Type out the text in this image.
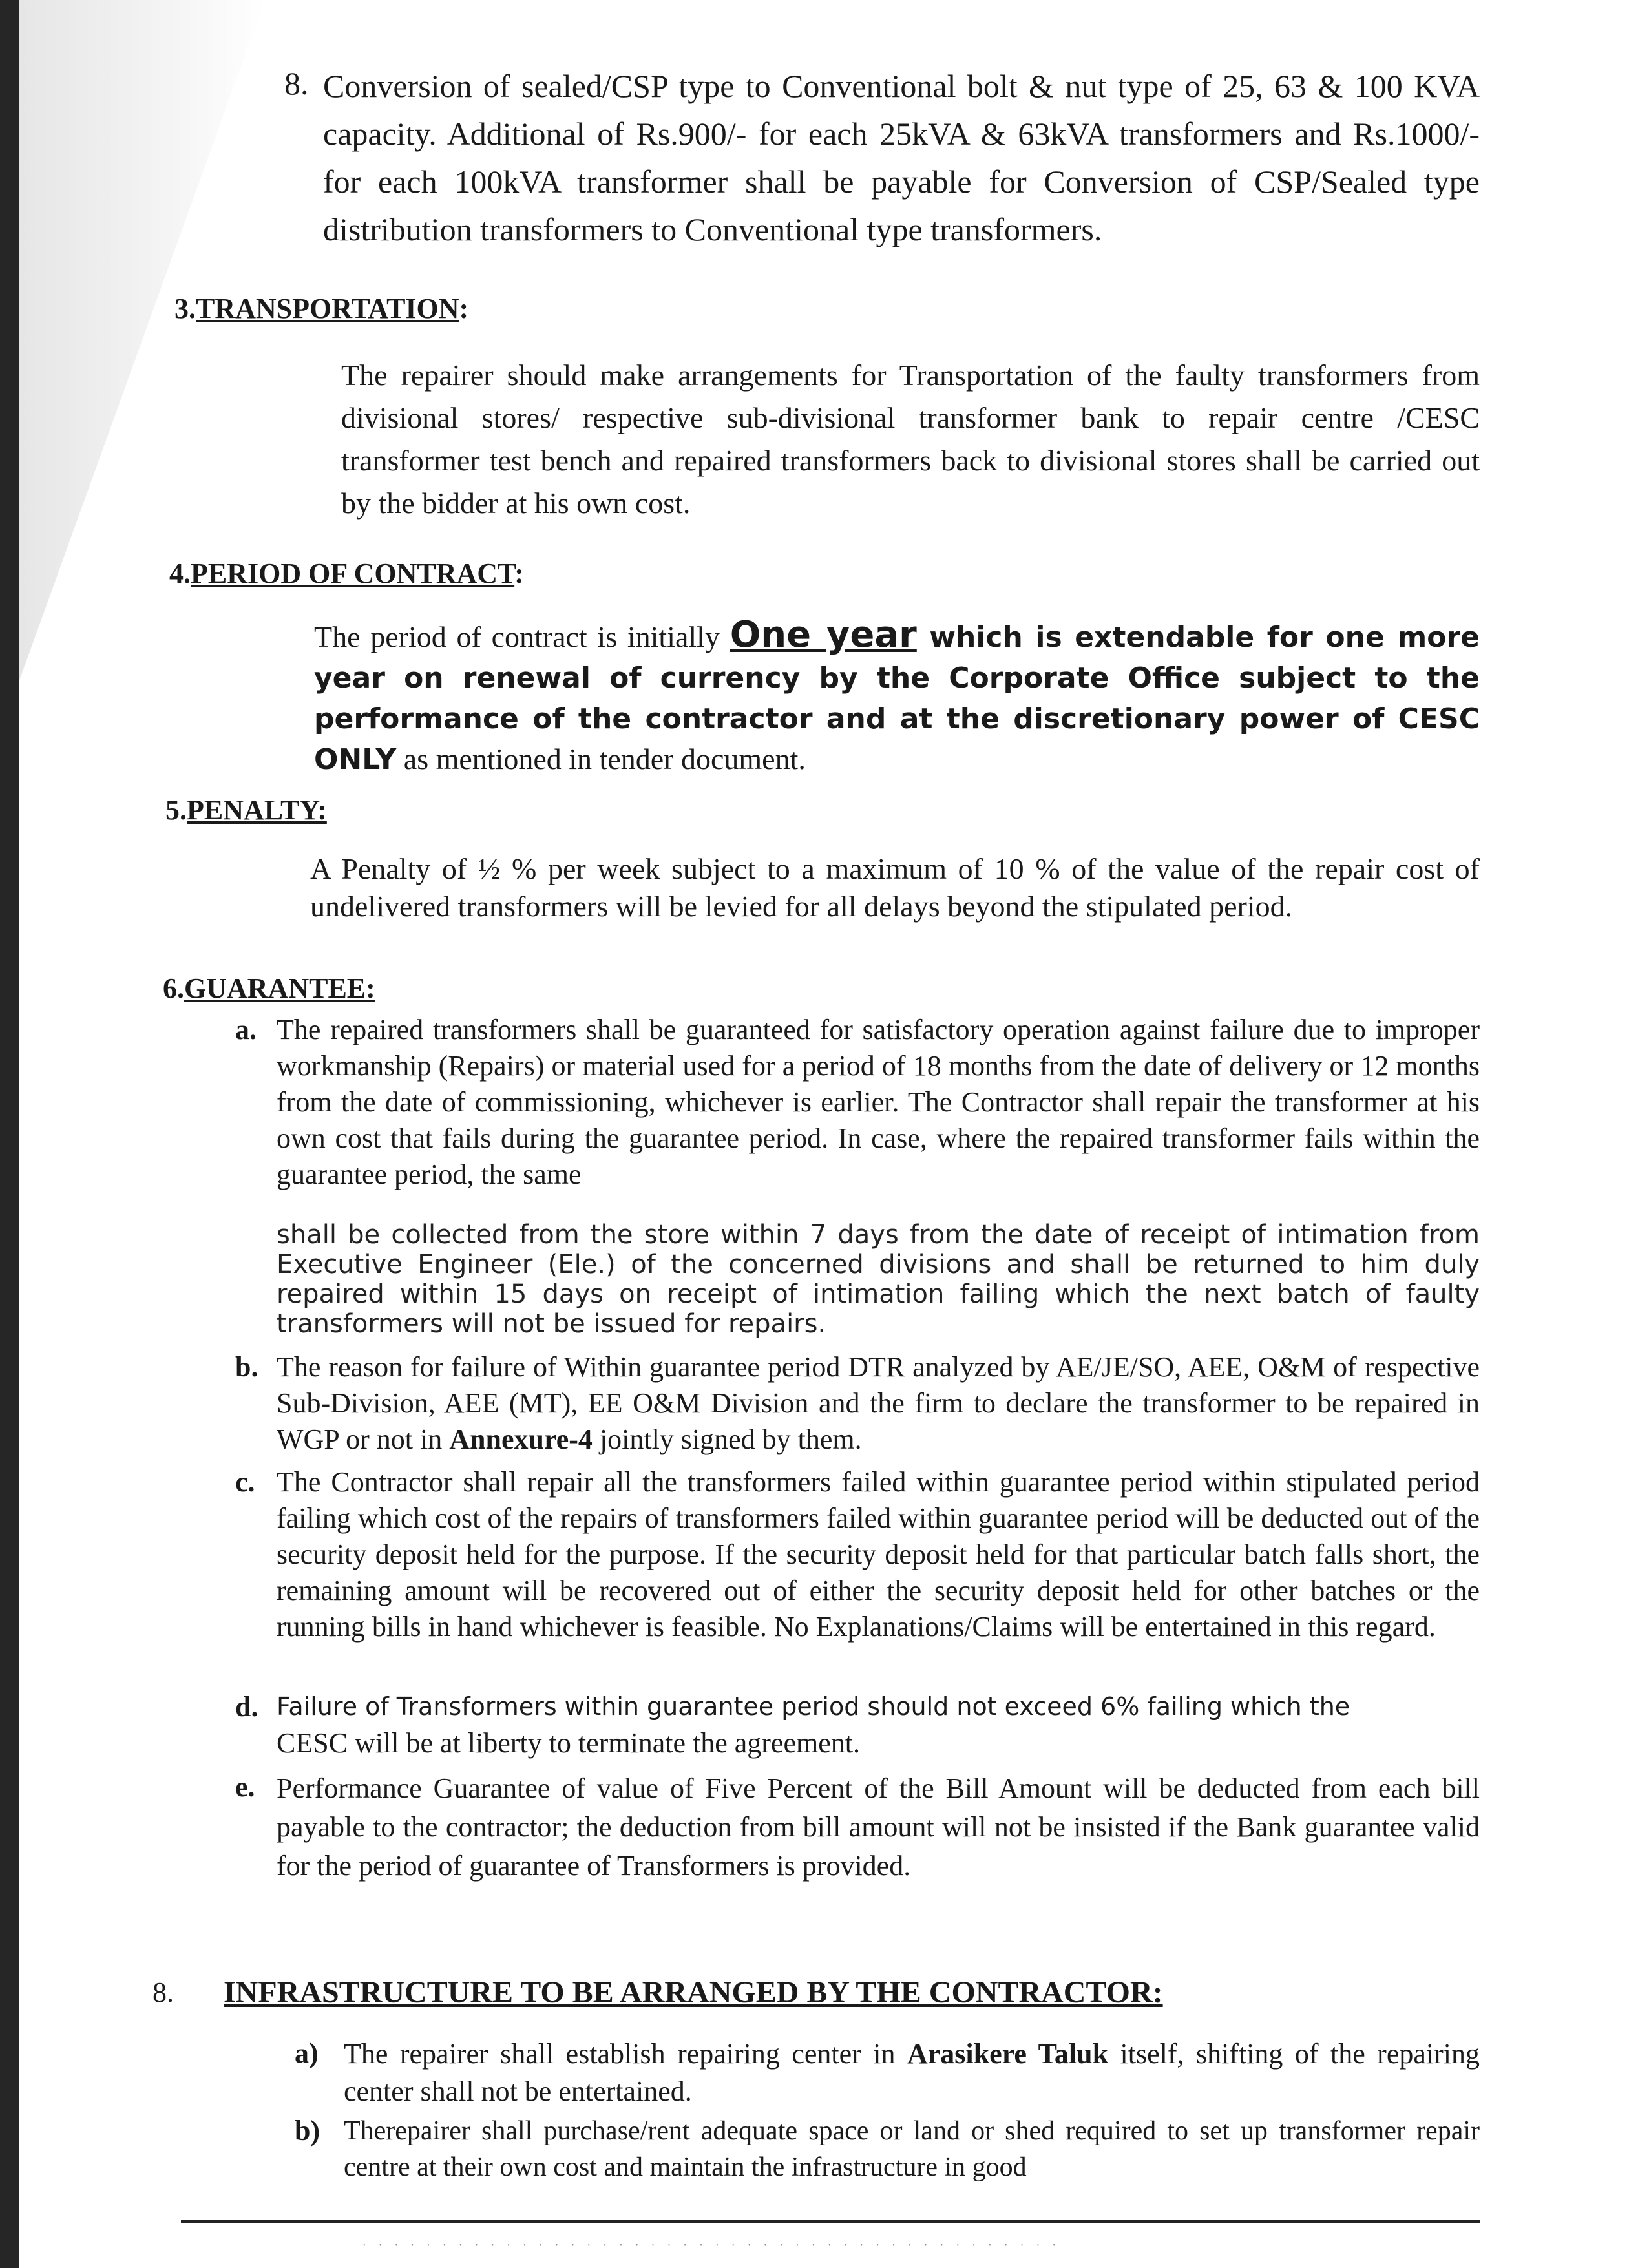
8. Conversion of sealed/CSP type to Conventional bolt & nut type of 25, 63 & 100 KVA capacity. Additional of Rs.900/- for each 25kVA & 63kVA transformers and Rs.1000/- for each 100kVA transformer shall be payable for Conversion of CSP/Sealed type distribution transformers to Conventional type transformers.

3.TRANSPORTATION:

The repairer should make arrangements for Transportation of the faulty transformers from divisional stores/ respective sub-divisional transformer bank to repair centre /CESC transformer test bench and repaired transformers back to divisional stores shall be carried out by the bidder at his own cost.

4.PERIOD OF CONTRACT:

The period of contract is initially One year which is extendable for one more year on renewal of currency by the Corporate Office subject to the performance of the contractor and at the discretionary power of CESC ONLY as mentioned in tender document.

5.PENALTY:

A Penalty of ½ % per week subject to a maximum of 10 % of the value of the repair cost of undelivered transformers will be levied for all delays beyond the stipulated period.

6.GUARANTEE:
a. The repaired transformers shall be guaranteed for satisfactory operation against failure due to improper workmanship (Repairs) or material used for a period of 18 months from the date of delivery or 12 months from the date of commissioning, whichever is earlier. The Contractor shall repair the transformer at his own cost that fails during the guarantee period. In case, where the repaired transformer fails within the guarantee period, the same

shall be collected from the store within 7 days from the date of receipt of intimation from Executive Engineer (Ele.) of the concerned divisions and shall be returned to him duly repaired within 15 days on receipt of intimation failing which the next batch of faulty transformers will not be issued for repairs.

b. The reason for failure of Within guarantee period DTR analyzed by AE/JE/SO, AEE, O&M of respective Sub-Division, AEE (MT), EE O&M Division and the firm to declare the transformer to be repaired in WGP or not in Annexure-4 jointly signed by them.

c. The Contractor shall repair all the transformers failed within guarantee period within stipulated period failing which cost of the repairs of transformers failed within guarantee period will be deducted out of the security deposit held for the purpose. If the security deposit held for that particular batch falls short, the remaining amount will be recovered out of either the security deposit held for other batches or the running bills in hand whichever is feasible. No Explanations/Claims will be entertained in this regard.

d. Failure of Transformers within guarantee period should not exceed 6% failing which the

CESC will be at liberty to terminate the agreement.

e. Performance Guarantee of value of Five Percent of the Bill Amount will be deducted from each bill payable to the contractor; the deduction from bill amount will not be insisted if the Bank guarantee valid for the period of guarantee of Transformers is provided.

8. INFRASTRUCTURE TO BE ARRANGED BY THE CONTRACTOR:
a) The repairer shall establish repairing center in Arasikere Taluk itself, shifting of the repairing center shall not be entertained.

b) Therepairer shall purchase/rent adequate space or land or shed required to set up transformer repair centre at their own cost and maintain the infrastructure in good

˙ ˙ ˙ ˙ ˙ ˙ ˙ ˙ ˙ ˙ ˙ ˙ ˙ ˙ ˙ ˙ ˙ ˙ ˙ ˙ ˙ ˙ ˙ ˙ ˙ ˙ ˙ ˙ ˙ ˙ ˙ ˙ ˙ ˙ ˙ ˙ ˙ ˙ ˙ ˙ ˙ ˙ ˙ ˙
